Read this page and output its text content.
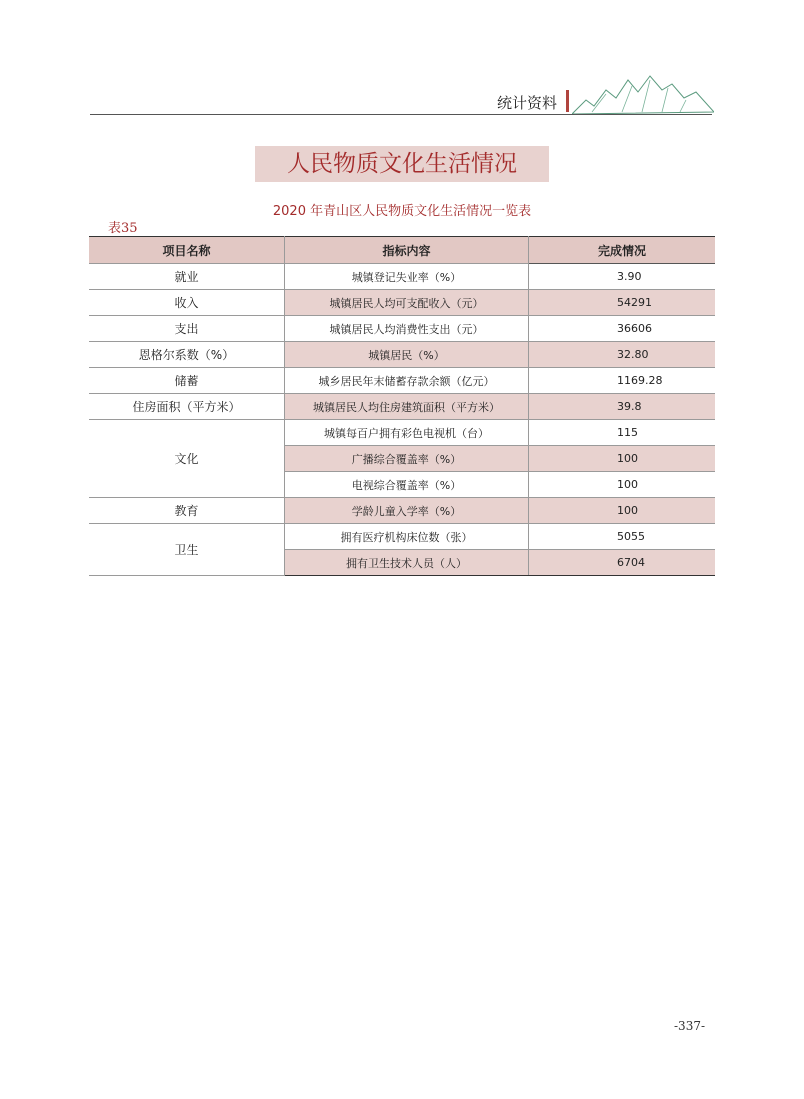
统计资料
人民物质文化生活情况
2020 年青山区人民物质文化生活情况一览表
表35
项目名称	指标内容	完成情况
就业	城镇登记失业率（%）	3.90
收入	城镇居民人均可支配收入（元）	54291
支出	城镇居民人均消费性支出（元）	36606
恩格尔系数（%）	城镇居民（%）	32.80
储蓄	城乡居民年末储蓄存款余额（亿元）	1169.28
住房面积（平方米）	城镇居民人均住房建筑面积（平方米）	39.8
文化	城镇每百户拥有彩色电视机（台）	115
	广播综合覆盖率（%）	100
	电视综合覆盖率（%）	100
教育	学龄儿童入学率（%）	100
卫生	拥有医疗机构床位数（张）	5055
	拥有卫生技术人员（人）	6704
-337-
